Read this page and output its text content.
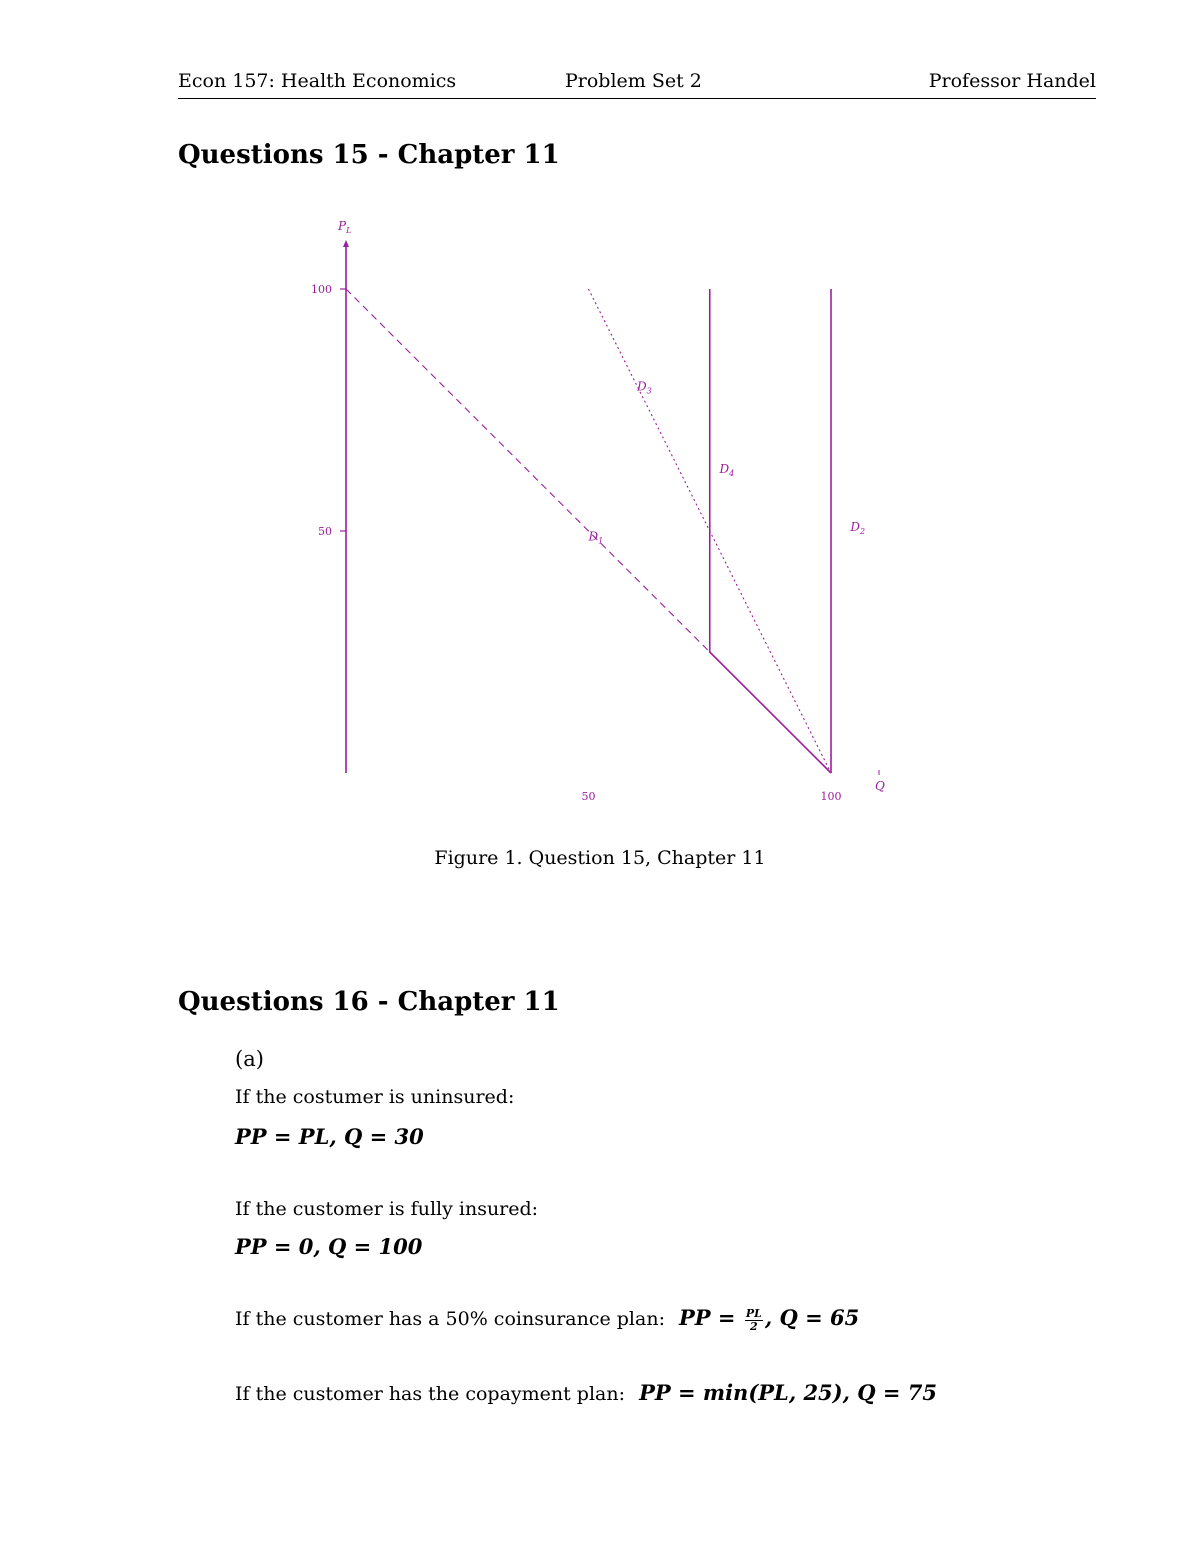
Econ 157: Health Economics	Problem Set 2	Professor Handel
Questions 15 - Chapter 11
$P_L$
Q
50
100
50	100
$D_1$
$D_3$
$D_4$
$D_2$
Figure 1. Question 15, Chapter 11
Questions 16 - Chapter 11
(a)
If the costumer is uninsured:
PP = PL, Q = 30
If the customer is fully insured:
PP = 0, Q = 100
If the customer has a 50% coinsurance plan: PP = $\frac{PL}{2}$ , Q = 65
If the customer has the copayment plan: PP = min(PL, 25), Q = 75
